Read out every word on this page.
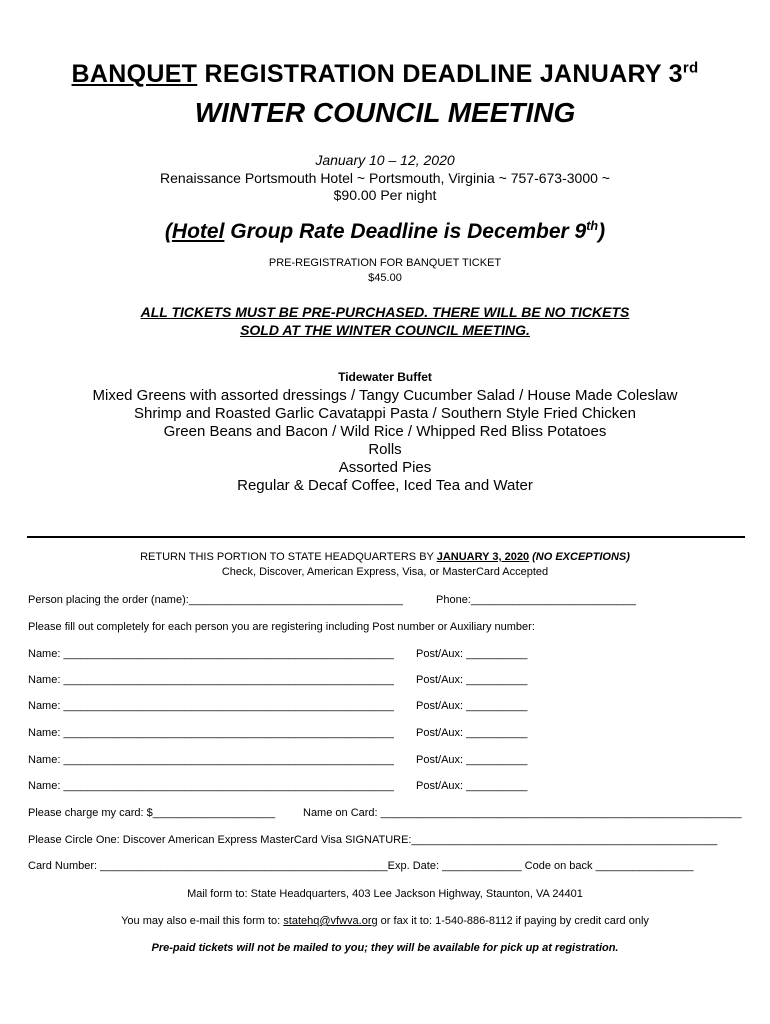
BANQUET REGISTRATION DEADLINE JANUARY 3rd
WINTER COUNCIL MEETING
January 10 – 12, 2020
Renaissance Portsmouth Hotel ~ Portsmouth, Virginia ~ 757-673-3000 ~
$90.00 Per night
(Hotel Group Rate Deadline is December 9th)
PRE-REGISTRATION FOR BANQUET TICKET
$45.00
ALL TICKETS MUST BE PRE-PURCHASED. THERE WILL BE NO TICKETS
SOLD AT THE WINTER COUNCIL MEETING.
Tidewater Buffet
Mixed Greens with assorted dressings / Tangy Cucumber Salad / House Made Coleslaw
Shrimp and Roasted Garlic Cavatappi Pasta / Southern Style Fried Chicken
Green Beans and Bacon / Wild Rice / Whipped Red Bliss Potatoes
Rolls
Assorted Pies
Regular & Decaf Coffee, Iced Tea and Water
RETURN THIS PORTION TO STATE HEADQUARTERS BY JANUARY 3, 2020 (NO EXCEPTIONS)
Check, Discover, American Express, Visa, or MasterCard Accepted
Person placing the order (name):___________________________________	Phone:___________________________
Please fill out completely for each person you are registering including Post number or Auxiliary number:
Name: ______________________________________________________ Post/Aux: __________
Name: ______________________________________________________ Post/Aux: __________
Name: ______________________________________________________ Post/Aux: __________
Name: ______________________________________________________ Post/Aux: __________
Name: ______________________________________________________ Post/Aux: __________
Name: ______________________________________________________ Post/Aux: __________
Please charge my card: $____________________	Name on Card: ___________________________________________________________
Please Circle One: Discover American Express MasterCard Visa SIGNATURE:__________________________________________________
Card Number: _______________________________________________Exp. Date: _____________ Code on back ________________
Mail form to: State Headquarters, 403 Lee Jackson Highway, Staunton, VA 24401
You may also e-mail this form to: statehq@vfwva.org or fax it to: 1-540-886-8112 if paying by credit card only
Pre-paid tickets will not be mailed to you; they will be available for pick up at registration.
